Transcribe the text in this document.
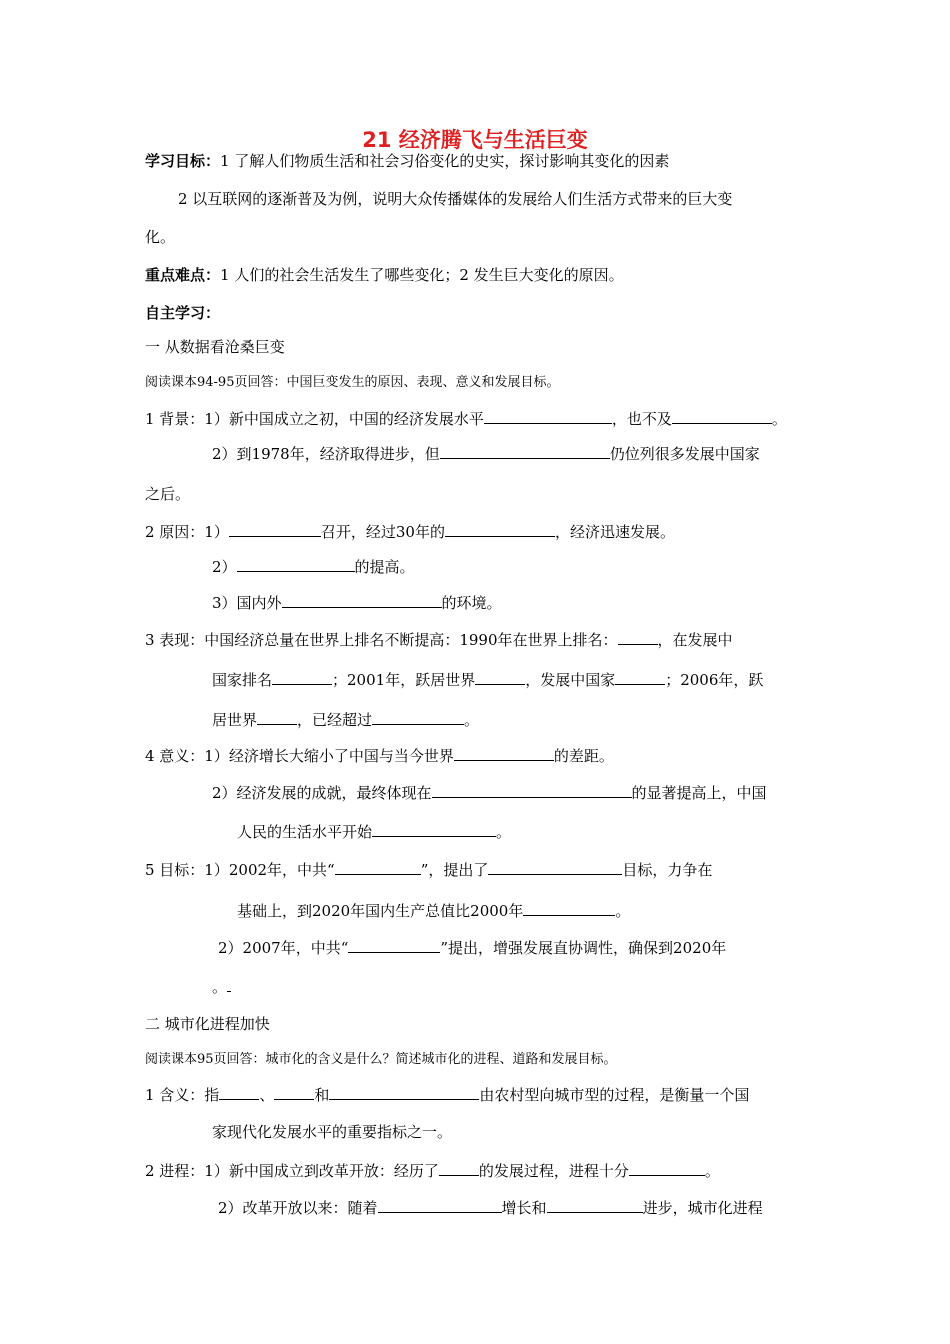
21 经济腾飞与生活巨变
学习目标：1 了解人们物质生活和社会习俗变化的史实，探讨影响其变化的因素
2 以互联网的逐渐普及为例，说明大众传播媒体的发展给人们生活方式带来的巨大变
化。
重点难点：1 人们的社会生活发生了哪些变化；2 发生巨大变化的原因。
自主学习：
一 从数据看沧桑巨变
阅读课本94-95页回答：中国巨变发生的原因、表现、意义和发展目标。
1 背景：1）新中国成立之初，中国的经济发展水平	，也不及	。
2）到1978年，经济取得进步，但	仍位列很多发展中国家
之后。
2 原因：1）	召开，经过30年的	，经济迅速发展。
2）	的提高。
3）国内外	的环境。
3 表现：中国经济总量在世界上排名不断提高：1990年在世界上排名：	，在发展中
国家排名	；2001年，跃居世界	，发展中国家	；2006年，跃
居世界	，已经超过	。
4 意义：1）经济增长大缩小了中国与当今世界	的差距。
2）经济发展的成就，最终体现在	的显著提高上，中国
人民的生活水平开始	。
5 目标：1）2002年，中共“	”，提出了	目标，力争在
基础上，到2020年国内生产总值比2000年	。
2）2007年，中共“	”提出，增强发展直协调性，确保到2020年
。
二 城市化进程加快
阅读课本95页回答：城市化的含义是什么？简述城市化的进程、道路和发展目标。
1 含义：指	、	和	由农村型向城市型的过程，是衡量一个国
家现代化发展水平的重要指标之一。
2 进程：1）新中国成立到改革开放：经历了	的发展过程，进程十分	。
2）改革开放以来：随着	增长和	进步，城市化进程
